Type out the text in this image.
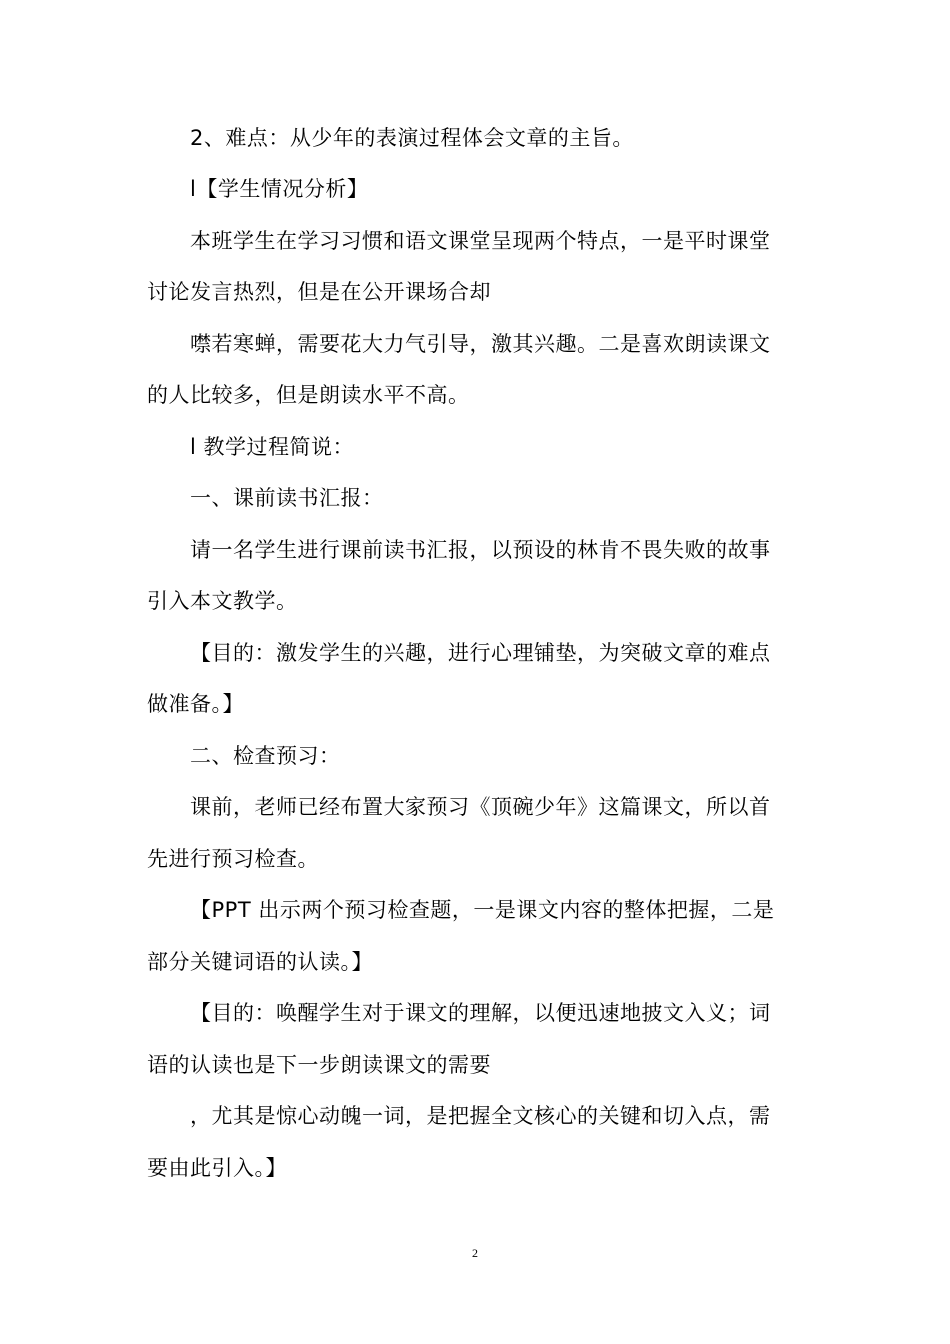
2、难点：从少年的表演过程体会文章的主旨。
l【学生情况分析】
本班学生在学习习惯和语文课堂呈现两个特点，一是平时课堂
讨论发言热烈，但是在公开课场合却
噤若寒蝉，需要花大力气引导，激其兴趣。二是喜欢朗读课文
的人比较多，但是朗读水平不高。
l 教学过程简说：
一、课前读书汇报：
请一名学生进行课前读书汇报，以预设的林肯不畏失败的故事
引入本文教学。
【目的：激发学生的兴趣，进行心理铺垫，为突破文章的难点
做准备。】
二、检查预习：
课前，老师已经布置大家预习《顶碗少年》这篇课文，所以首
先进行预习检查。
【PPT 出示两个预习检查题，一是课文内容的整体把握，二是
部分关键词语的认读。】
【目的：唤醒学生对于课文的理解，以便迅速地披文入义；词
语的认读也是下一步朗读课文的需要
，尤其是惊心动魄一词，是把握全文核心的关键和切入点，需
要由此引入。】
2
